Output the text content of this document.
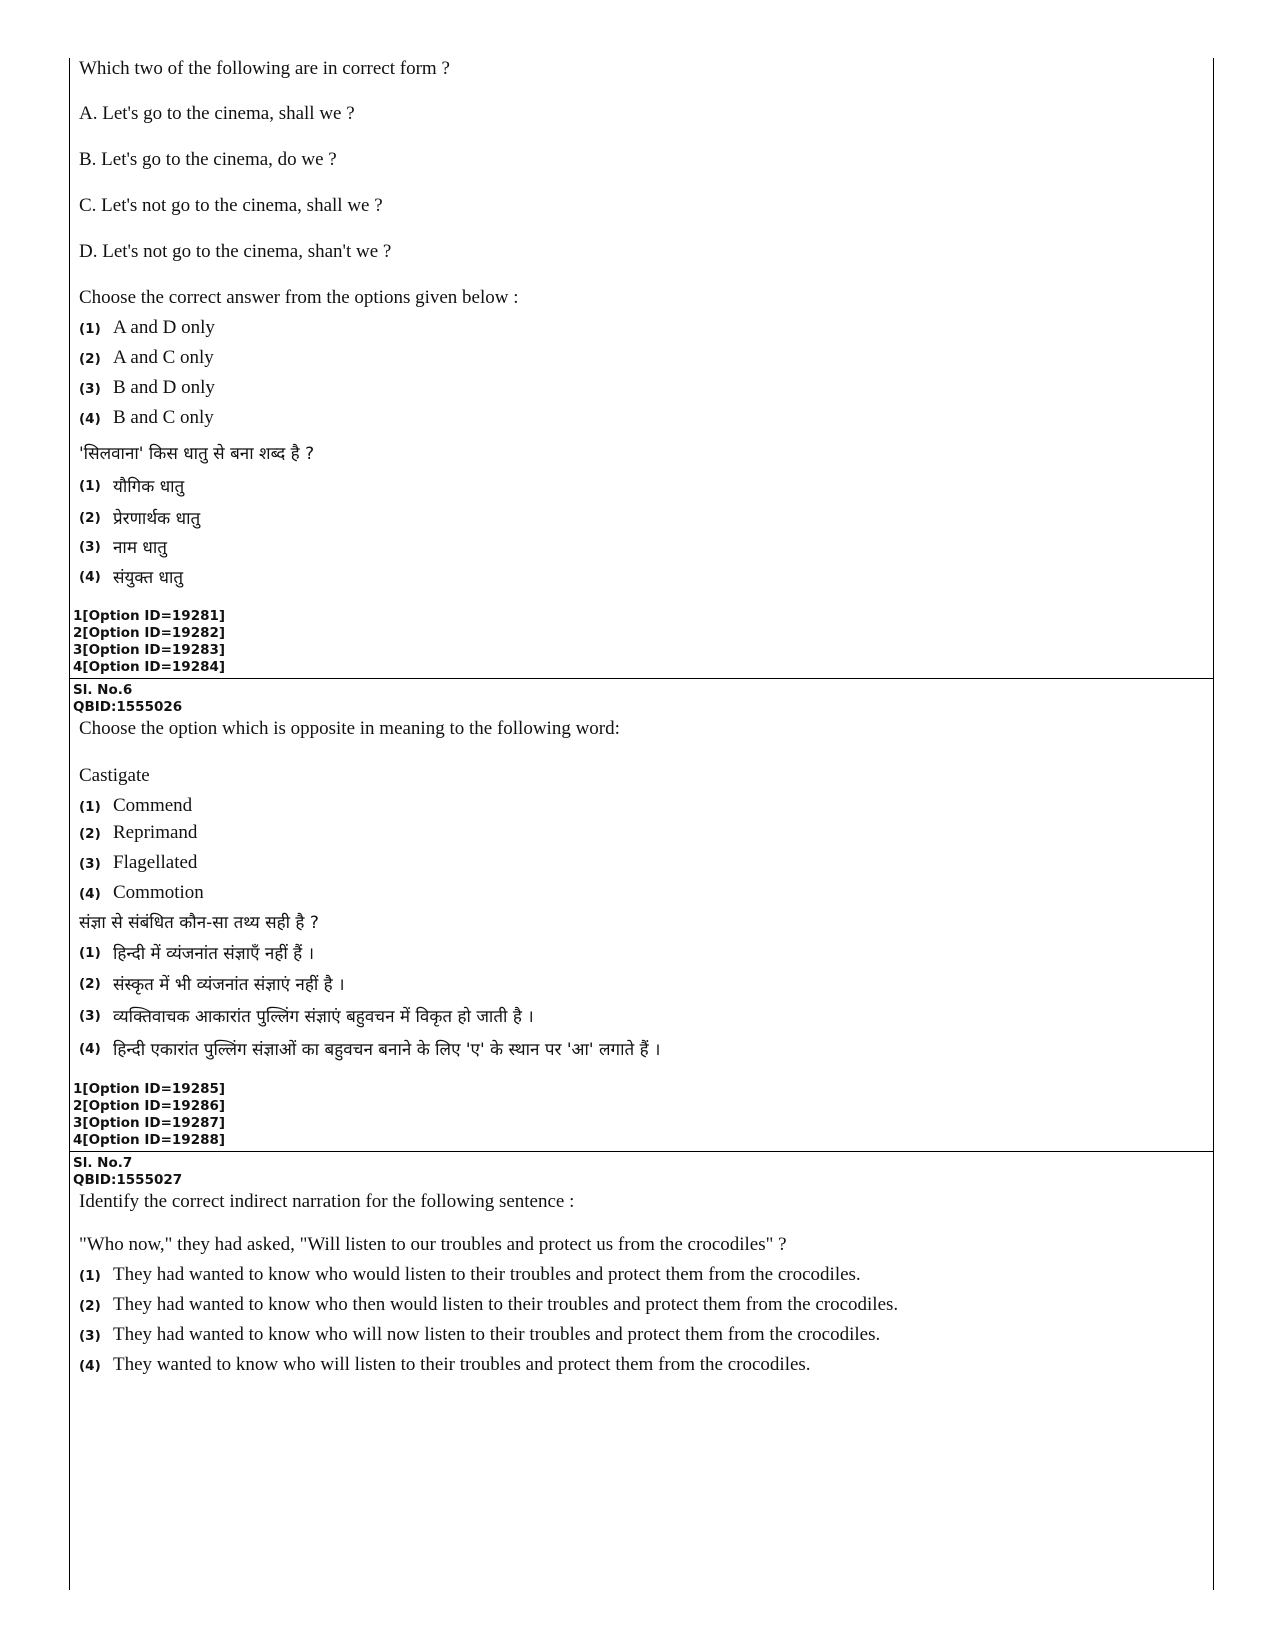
Which two of the following are in correct form ?
A. Let's go to the cinema, shall we ?
B. Let's go to the cinema, do we ?
C. Let's not go to the cinema, shall we ?
D. Let's not go to the cinema, shan't we ?
Choose the correct answer from the options given below :
(1) A and D only
(2) A and C only
(3) B and D only
(4) B and C only
'सिलवाना' किस धातु से बना शब्द है ?
(1) यौगिक धातु
(2) प्रेरणार्थक धातु
(3) नाम धातु
(4) संयुक्त धातु
1[Option ID=19281]
2[Option ID=19282]
3[Option ID=19283]
4[Option ID=19284]
Sl. No.6
QBID:1555026
Choose the option which is opposite in meaning to the following word:
Castigate
(1) Commend
(2) Reprimand
(3) Flagellated
(4) Commotion
संज्ञा से संबंधित कौन-सा तथ्य सही है ?
(1) हिन्दी में व्यंजनांत संज्ञाएँ नहीं हैं ।
(2) संस्कृत में भी व्यंजनांत संज्ञाएं नहीं है ।
(3) व्यक्तिवाचक आकारांत पुल्लिंग संज्ञाएं बहुवचन में विकृत हो जाती है ।
(4) हिन्दी एकारांत पुल्लिंग संज्ञाओं का बहुवचन बनाने के लिए 'ए' के स्थान पर 'आ' लगाते हैं ।
1[Option ID=19285]
2[Option ID=19286]
3[Option ID=19287]
4[Option ID=19288]
Sl. No.7
QBID:1555027
Identify the correct indirect narration for the following sentence :
"Who now," they had asked, "Will listen to our troubles and protect us from the crocodiles" ?
(1) They had wanted to know who would listen to their troubles and protect them from the crocodiles.
(2) They had wanted to know who then would listen to their troubles and protect them from the crocodiles.
(3) They had wanted to know who will now listen to their troubles and protect them from the crocodiles.
(4) They wanted to know who will listen to their troubles and protect them from the crocodiles.
